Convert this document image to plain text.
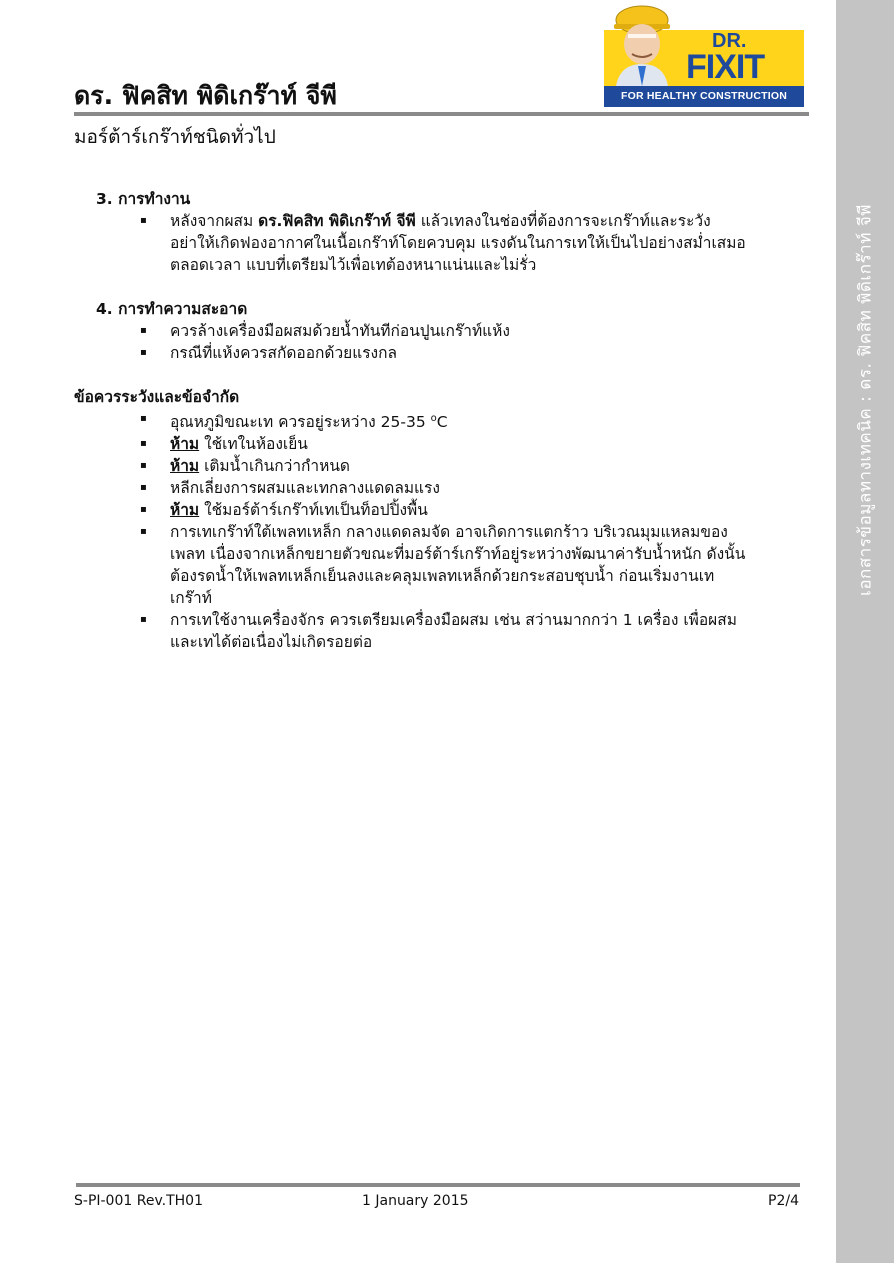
เอกสารข้อมูลทางเทคนิค : ดร. ฟิคสิท พิดิเกร๊าท์ จีพี
ดร. ฟิคสิท พิดิเกร๊าท์ จีพี
มอร์ต้าร์เกร๊าท์ชนิดทั่วไป
DR.
FIXIT
FOR HEALTHY CONSTRUCTION
3. การทำงาน
▪ หลังจากผสม ดร.ฟิคสิท พิดิเกร๊าท์ จีพี แล้วเทลงในช่องที่ต้องการจะเกร๊าท์และระวัง
อย่าให้เกิดฟองอากาศในเนื้อเกร๊าท์โดยควบคุม แรงดันในการเทให้เป็นไปอย่างสม่ำเสมอ
ตลอดเวลา แบบที่เตรียมไว้เพื่อเทต้องหนาแน่นและไม่รั่ว
4. การทำความสะอาด
▪ ควรล้างเครื่องมือผสมด้วยน้ำทันทีก่อนปูนเกร๊าท์แห้ง
▪ กรณีที่แห้งควรสกัดออกด้วยแรงกล
ข้อควรระวังและข้อจำกัด
▪ อุณหภูมิขณะเท ควรอยู่ระหว่าง 25-35 $^o$C
▪ ห้าม ใช้เทในห้องเย็น
▪ ห้าม เติมน้ำเกินกว่ากำหนด
▪ หลีกเลี่ยงการผสมและเทกลางแดดลมแรง
▪ ห้าม ใช้มอร์ต้าร์เกร๊าท์เทเป็นท็อปปิ้งพื้น
▪ การเทเกร๊าท์ใต้เพลทเหล็ก กลางแดดลมจัด อาจเกิดการแตกร้าว บริเวณมุมแหลมของ
เพลท เนื่องจากเหล็กขยายตัวขณะที่มอร์ต้าร์เกร๊าท์อยู่ระหว่างพัฒนาค่ารับน้ำหนัก ดังนั้น
ต้องรดน้ำให้เพลทเหล็กเย็นลงและคลุมเพลทเหล็กด้วยกระสอบชุบน้ำ ก่อนเริ่มงานเท
เกร๊าท์
▪ การเทใช้งานเครื่องจักร ควรเตรียมเครื่องมือผสม เช่น สว่านมากกว่า 1 เครื่อง เพื่อผสม
และเทได้ต่อเนื่องไม่เกิดรอยต่อ
S-PI-001 Rev.TH01	1 January 2015	P2/4
